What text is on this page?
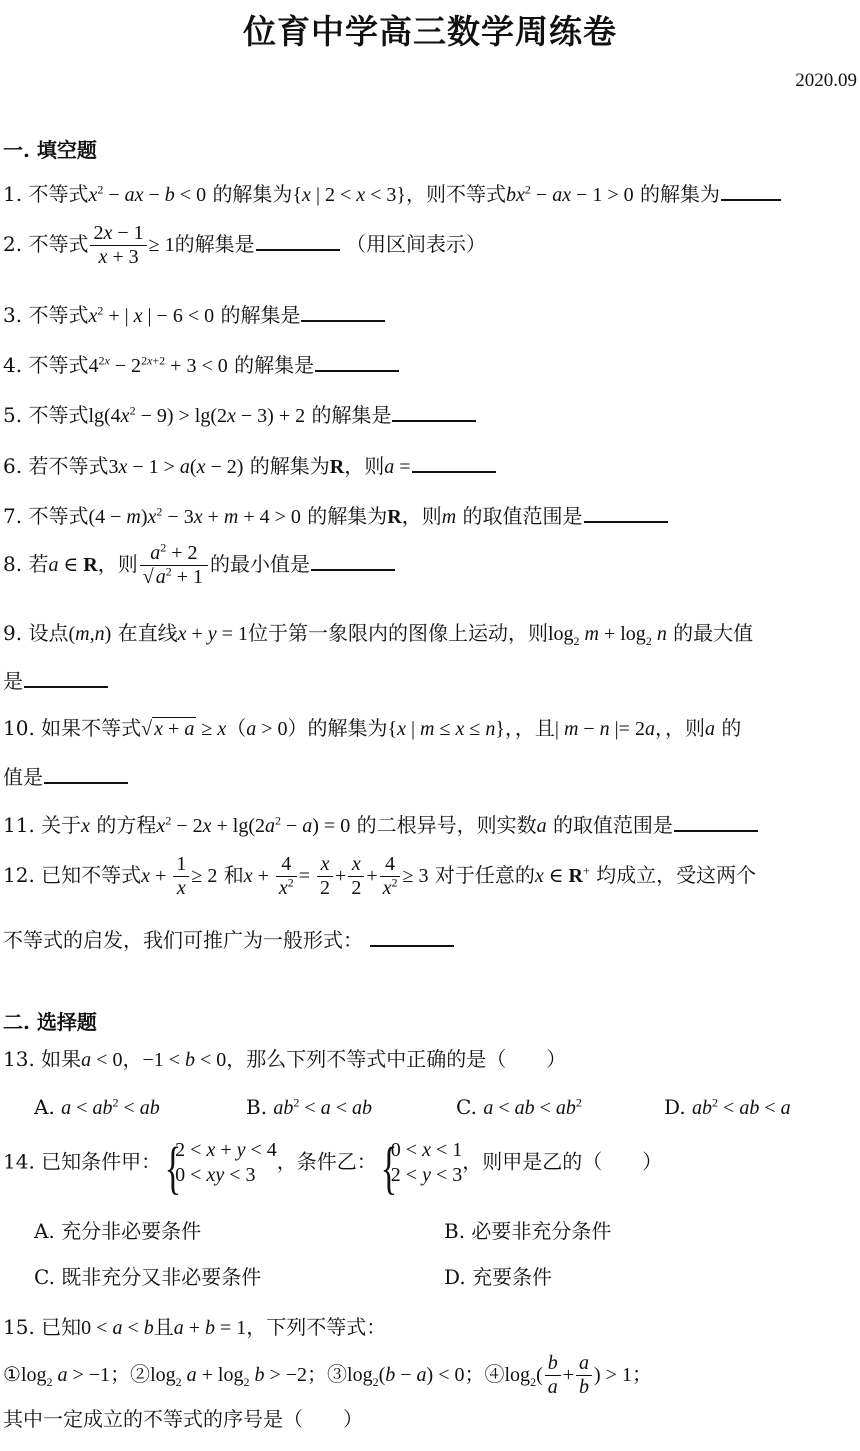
位育中学高三数学周练卷
2020.09
一. 填空题
1. 不等式$x^2$ − ax − b < 0 的解集为{x | 2 < x < 3}，则不等式$bx^2$ − ax − 1 > 0 的解集为
2. 不等式 $\frac{2x - 1}{x + 3} \ge 1$的解集是	（用区间表示）
3. 不等式$x^2$ + | x | − 6 < 0 的解集是
4. 不等式$4^{2x} - 2^{2x+2} + 3 < 0$ 的解集是
5. 不等式$\lg(4x^2 - 9) > \lg(2x - 3) + 2$ 的解集是
6. 若不等式3x − 1 > a(x − 2) 的解集为R，则a =
7. 不等式$(4 - m)x^2 - 3x + m + 4 > 0$ 的解集为R，则m 的取值范围是
8. 若a ∈ R，则 $\frac{a^2 + 2}{√ a^2 + 1}$ 的最小值是
9. 设点(m,n) 在直线x + y = 1位于第一象限内的图像上运动，则$\log_2 m + \log_2 n$ 的最大值
是
10. 如果不等式√ x + a ≥ x（a > 0）的解集为{x | m ≤ x ≤ n}，，且| m − n |= 2a，，则a 的
值是
11. 关于x 的方程$x^2 - 2x + \lg(2a^2 - a) = 0$ 的二根异号，则实数a 的取值范围是
12. 已知不等式$x + \frac{1}{x} \ge 2$ 和$x + \frac{4}{x^2} = \frac{x}{2} + \frac{x}{2} + \frac{4}{x^2} \ge 3$ 对于任意的x ∈ R+ 均成立，受这两个
不等式的启发，我们可推广为一般形式：
二. 选择题
13. 如果a < 0，−1 < b < 0，那么下列不等式中正确的是（　　）
A. $a < ab^2$ < ab	B. $ab^2 < a$ < ab	C. a < ab < $ab^2$	D. $ab^2$ < ab < a
14. 已知条件甲： { 2 < x + y < 4
0 < xy < 3
，条件乙： { 0 < x < 1
2 < y < 3
，则甲是乙的（　　）
A. 充分非必要条件	B. 必要非充分条件
C. 既非充分又非必要条件	D. 充要条件
15. 已知0 < a < b且a + b = 1，下列不等式：
$①\log_2$ a > −1；$②\log_2$ $a + \log_2 b > -2$；$③\log_2(b - a) < 0$；$④\log_2( \frac{b}{a} + \frac{a}{b}$ ) > 1；
其中一定成立的不等式的序号是（　　）
